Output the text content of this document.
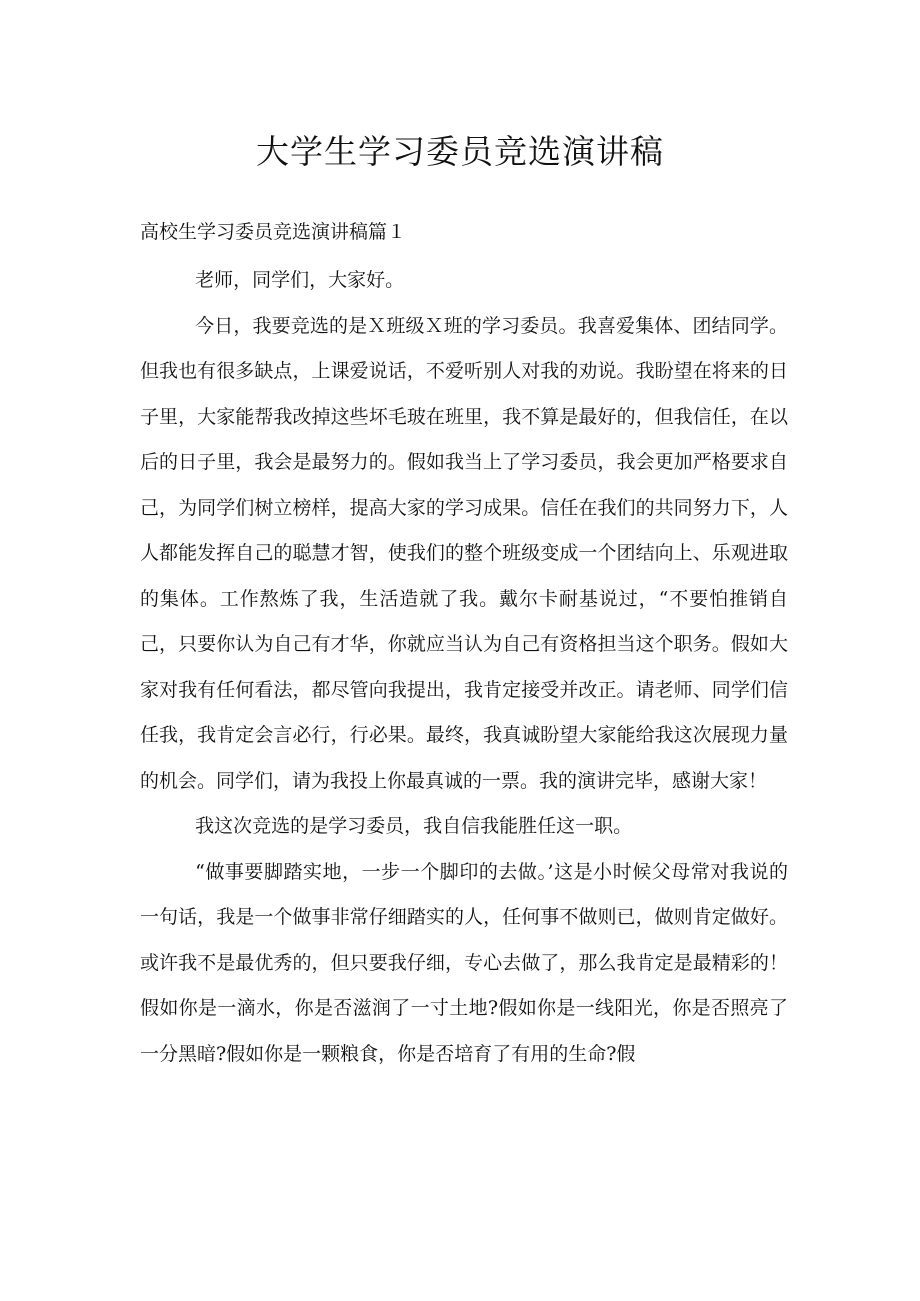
大学生学习委员竞选演讲稿
高校生学习委员竞选演讲稿篇１

老师，同学们，大家好。

今日，我要竞选的是Ｘ班级Ｘ班的学习委员。我喜爱集体、团结同学。但我也有很多缺点，上课爱说话，不爱听别人对我的劝说。我盼望在将来的日子里，大家能帮我改掉这些坏毛玻在班里，我不算是最好的，但我信任，在以后的日子里，我会是最努力的。假如我当上了学习委员，我会更加严格要求自己，为同学们树立榜样，提高大家的学习成果。信任在我们的共同努力下，人人都能发挥自己的聪慧才智，使我们的整个班级变成一个团结向上、乐观进取的集体。工作熬炼了我，生活造就了我。戴尔卡耐基说过，“不要怕推销自己，只要你认为自己有才华，你就应当认为自己有资格担当这个职务。假如大家对我有任何看法，都尽管向我提出，我肯定接受并改正。请老师、同学们信任我，我肯定会言必行，行必果。最终，我真诚盼望大家能给我这次展现力量的机会。同学们，请为我投上你最真诚的一票。我的演讲完毕，感谢大家！

我这次竞选的是学习委员，我自信我能胜任这一职。

“做事要脚踏实地，一步一个脚印的去做。’这是小时候父母常对我说的一句话，我是一个做事非常仔细踏实的人，任何事不做则已，做则肯定做好。或许我不是最优秀的，但只要我仔细，专心去做了，那么我肯定是最精彩的！假如你是一滴水，你是否滋润了一寸土地?假如你是一线阳光，你是否照亮了一分黑暗?假如你是一颗粮食，你是否培育了有用的生命?假
